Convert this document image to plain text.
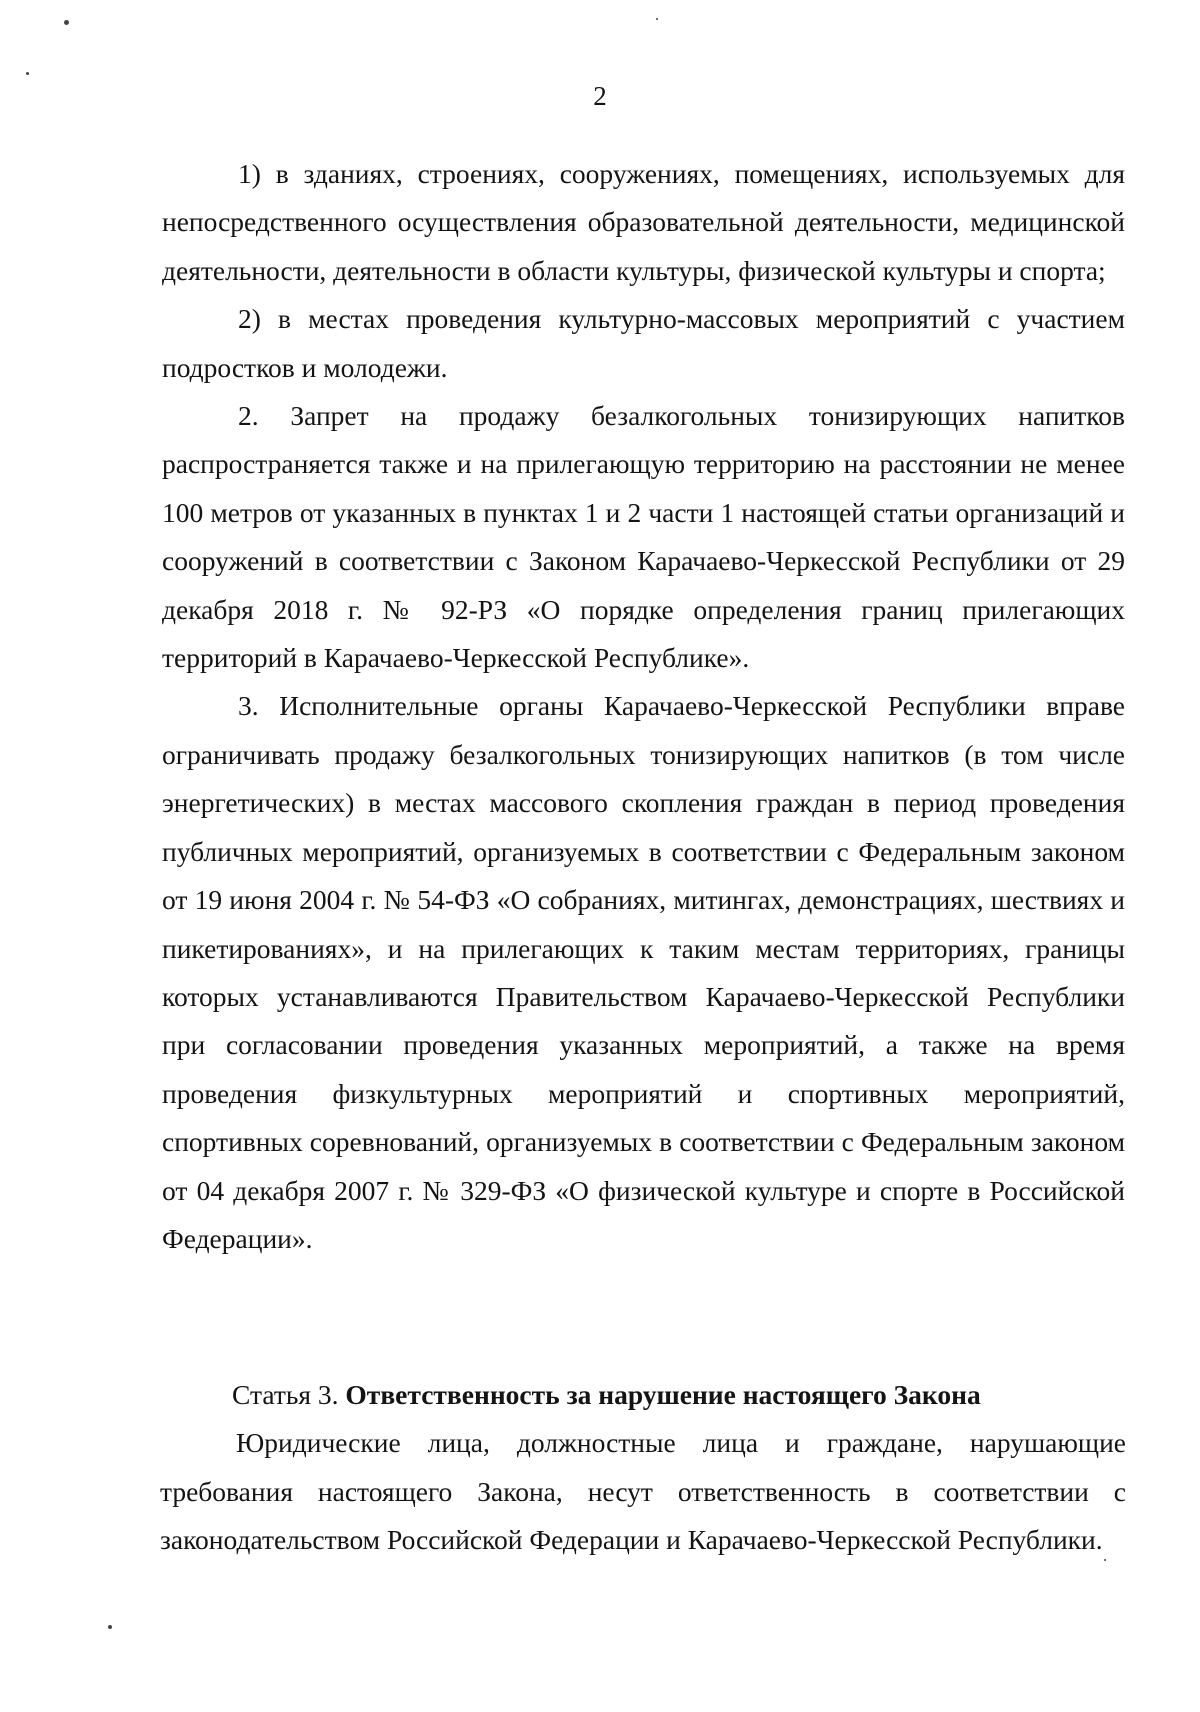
2

1) в зданиях, строениях, сооружениях, помещениях, используемых для непосредственного осуществления образовательной деятельности, медицинской деятельности, деятельности в области культуры, физической культуры и спорта;

2) в местах проведения культурно-массовых мероприятий с участием подростков и молодежи.

2. Запрет на продажу безалкогольных тонизирующих напитков распространяется также и на прилегающую территорию на расстоянии не менее 100 метров от указанных в пунктах 1 и 2 части 1 настоящей статьи организаций и сооружений в соответствии с Законом Карачаево-Черкесской Республики от 29 декабря 2018 г. № 92-РЗ «О порядке определения границ прилегающих территорий в Карачаево-Черкесской Республике».

3. Исполнительные органы Карачаево-Черкесской Республики вправе ограничивать продажу безалкогольных тонизирующих напитков (в том числе энергетических) в местах массового скопления граждан в период проведения публичных мероприятий, организуемых в соответствии с Федеральным законом от 19 июня 2004 г. № 54-ФЗ «О собраниях, митингах, демонстрациях, шествиях и пикетированиях», и на прилегающих к таким местам территориях, границы которых устанавливаются Правительством Карачаево-Черкесской Республики при согласовании проведения указанных мероприятий, а также на время проведения физкультурных мероприятий и спортивных мероприятий, спортивных соревнований, организуемых в соответствии с Федеральным законом от 04 декабря 2007 г. № 329-ФЗ «О физической культуре и спорте в Российской Федерации».

Статья 3. Ответственность за нарушение настоящего Закона

Юридические лица, должностные лица и граждане, нарушающие требования настоящего Закона, несут ответственность в соответствии с законодательством Российской Федерации и Карачаево-Черкесской Республики.
